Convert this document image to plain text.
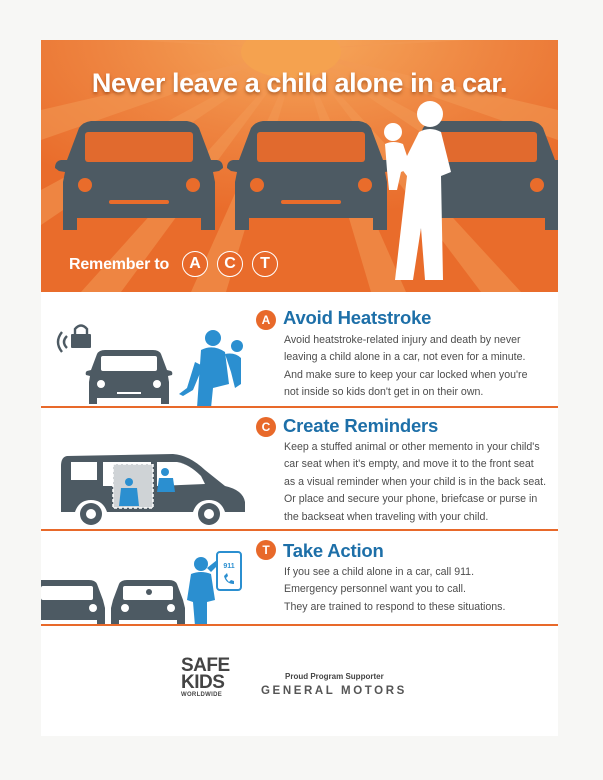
Never leave a child alone in a car.
Remember to	A	C	T
A Avoid Heatstroke
Avoid heatstroke-related injury and death by never
leaving a child alone in a car, not even for a minute.
And make sure to keep your car locked when you're
not inside so kids don't get in on their own.
C Create Reminders
Keep a stuffed animal or other memento in your child's
car seat when it's empty, and move it to the front seat
as a visual reminder when your child is in the back seat.
Or place and secure your phone, briefcase or purse in
the backseat when traveling with your child.
T Take Action
If you see a child alone in a car, call 911.
Emergency personnel want you to call.
They are trained to respond to these situations.
911
SAFE
KIDS
WORLDWIDE
Proud Program Supporter
GENERAL MOTORS
